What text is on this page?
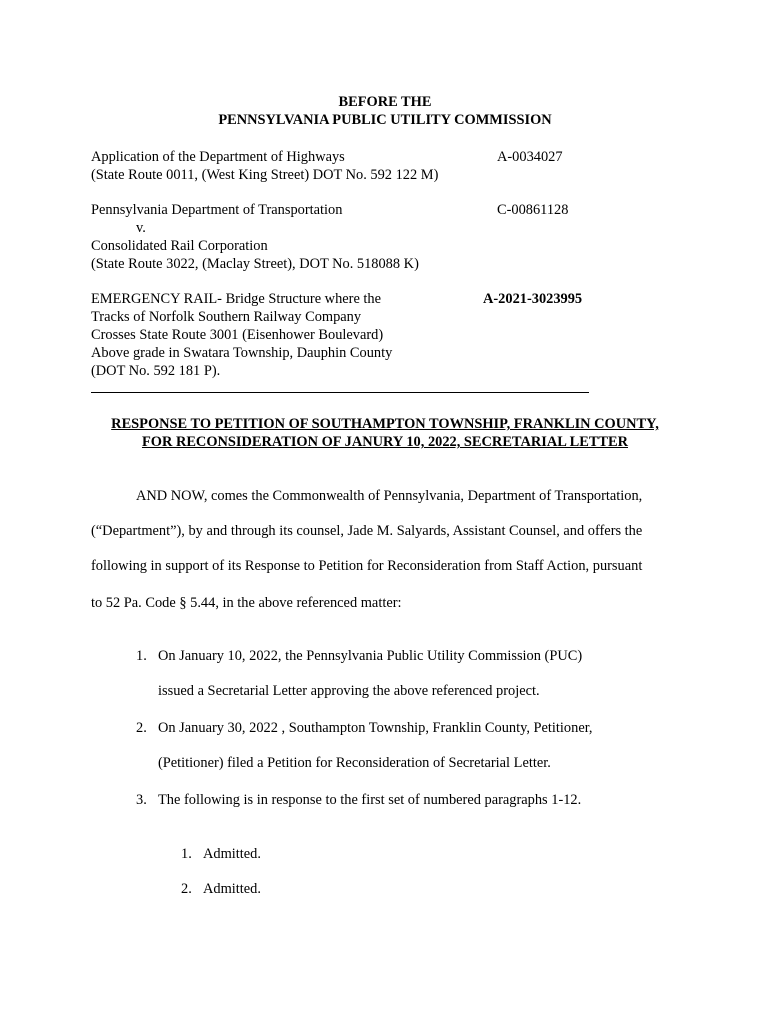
BEFORE THE
PENNSYLVANIA PUBLIC UTILITY COMMISSION
Application of the Department of Highways
(State Route 0011, (West King Street) DOT No. 592 122 M)
A-0034027
Pennsylvania Department of Transportation
v.
Consolidated Rail Corporation
(State Route 3022, (Maclay Street), DOT No. 518088 K)
C-00861128
EMERGENCY RAIL- Bridge Structure where the
Tracks of Norfolk Southern Railway Company
Crosses State Route 3001 (Eisenhower Boulevard)
Above grade in Swatara Township, Dauphin County
(DOT No. 592 181 P).
A-2021-3023995
RESPONSE TO PETITION OF SOUTHAMPTON TOWNSHIP, FRANKLIN COUNTY,
FOR RECONSIDERATION OF JANURY 10, 2022, SECRETARIAL LETTER
AND NOW, comes the Commonwealth of Pennsylvania, Department of Transportation,
(“Department”), by and through its counsel, Jade M. Salyards, Assistant Counsel, and offers the
following in support of its Response to Petition for Reconsideration from Staff Action, pursuant
to 52 Pa. Code § 5.44, in the above referenced matter:
1. On January 10, 2022, the Pennsylvania Public Utility Commission (PUC)
issued a Secretarial Letter approving the above referenced project.
2. On January 30, 2022 , Southampton Township, Franklin County, Petitioner,
(Petitioner) filed a Petition for Reconsideration of Secretarial Letter.
3. The following is in response to the first set of numbered paragraphs 1-12.
1. Admitted.
2. Admitted.
